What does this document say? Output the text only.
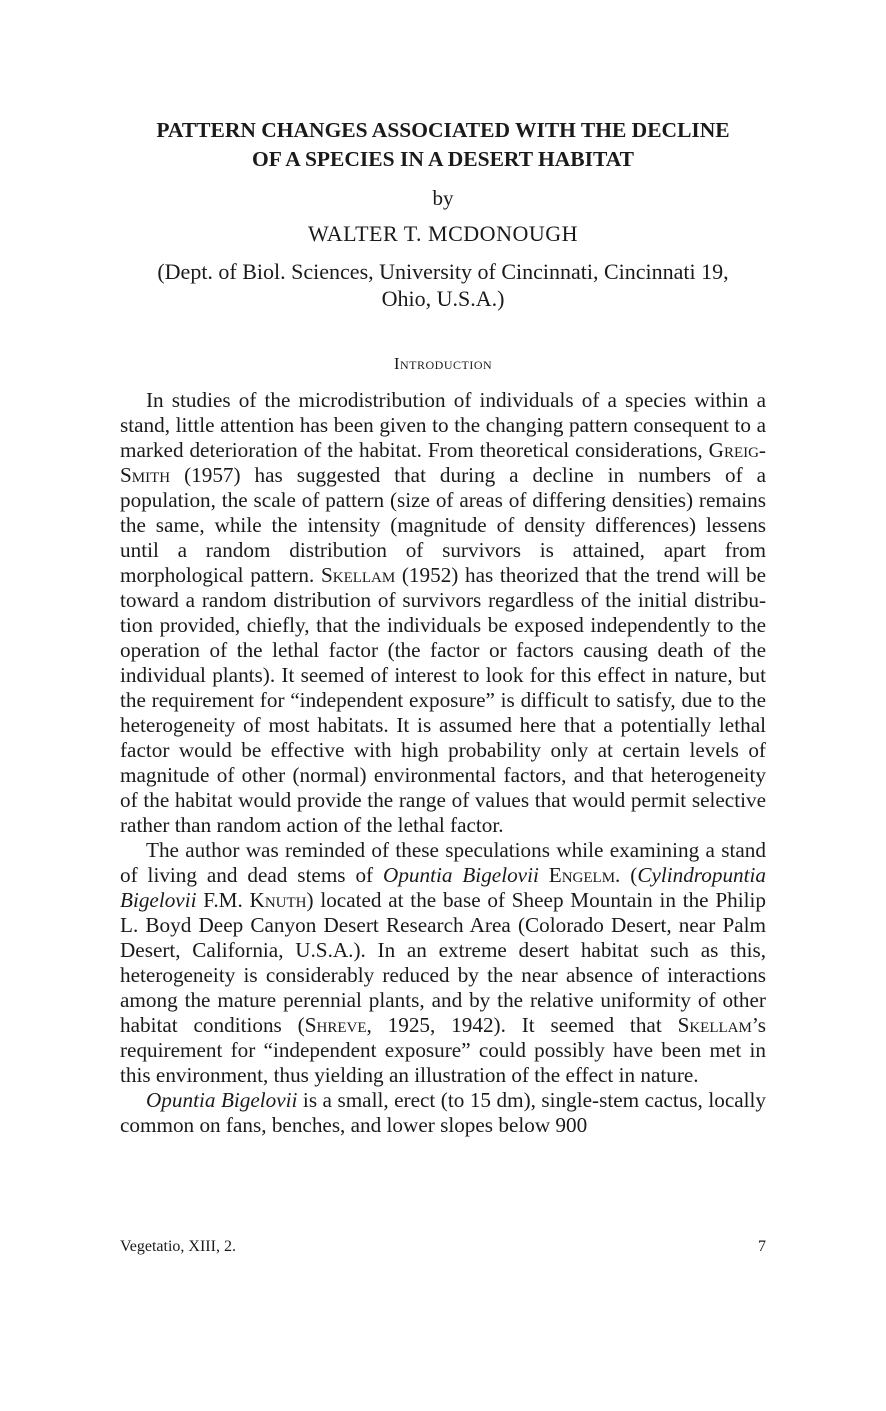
PATTERN CHANGES ASSOCIATED WITH THE DECLINE
OF A SPECIES IN A DESERT HABITAT
by
WALTER T. MCDONOUGH
(Dept. of Biol. Sciences, University of Cincinnati, Cincinnati 19,
Ohio, U.S.A.)
Introduction

In studies of the microdistribution of individuals of a species within a stand, little attention has been given to the changing pattern consequent to a marked deterioration of the habitat. From theoretical considerations, Greig-Smith (1957) has suggested that during a decline in numbers of a population, the scale of pattern (size of areas of differing densities) remains the same, while the intensity (magnitude of density differences) lessens until a random distribution of survivors is attained, apart from morphological pattern. Skellam (1952) has theorized that the trend will be toward a random distribution of survivors regardless of the initial distribution provided, chiefly, that the individuals be exposed independently to the operation of the lethal factor (the factor or factors causing death of the individual plants). It seemed of interest to look for this effect in nature, but the requirement for “independent exposure” is difficult to satisfy, due to the heterogeneity of most habitats. It is assumed here that a potentially lethal factor would be effective with high probability only at certain levels of magnitude of other (normal) environmental factors, and that heterogeneity of the habitat would provide the range of values that would permit selective rather than random action of the lethal factor.

The author was reminded of these speculations while examining a stand of living and dead stems of Opuntia Bigelovii Engelm. (Cylindropuntia Bigelovii F.M. Knuth) located at the base of Sheep Mountain in the Philip L. Boyd Deep Canyon Desert Research Area (Colorado Desert, near Palm Desert, California, U.S.A.). In an extreme desert habitat such as this, heterogeneity is considerably reduced by the near absence of interactions among the mature perennial plants, and by the relative uniformity of other habitat conditions (Shreve, 1925, 1942). It seemed that Skellam’s requirement for “independent exposure” could possibly have been met in this environment, thus yielding an illustration of the effect in nature.

Opuntia Bigelovii is a small, erect (to 15 dm), single-stem cactus, locally common on fans, benches, and lower slopes below 900

Vegetatio, XIII, 2.	7
